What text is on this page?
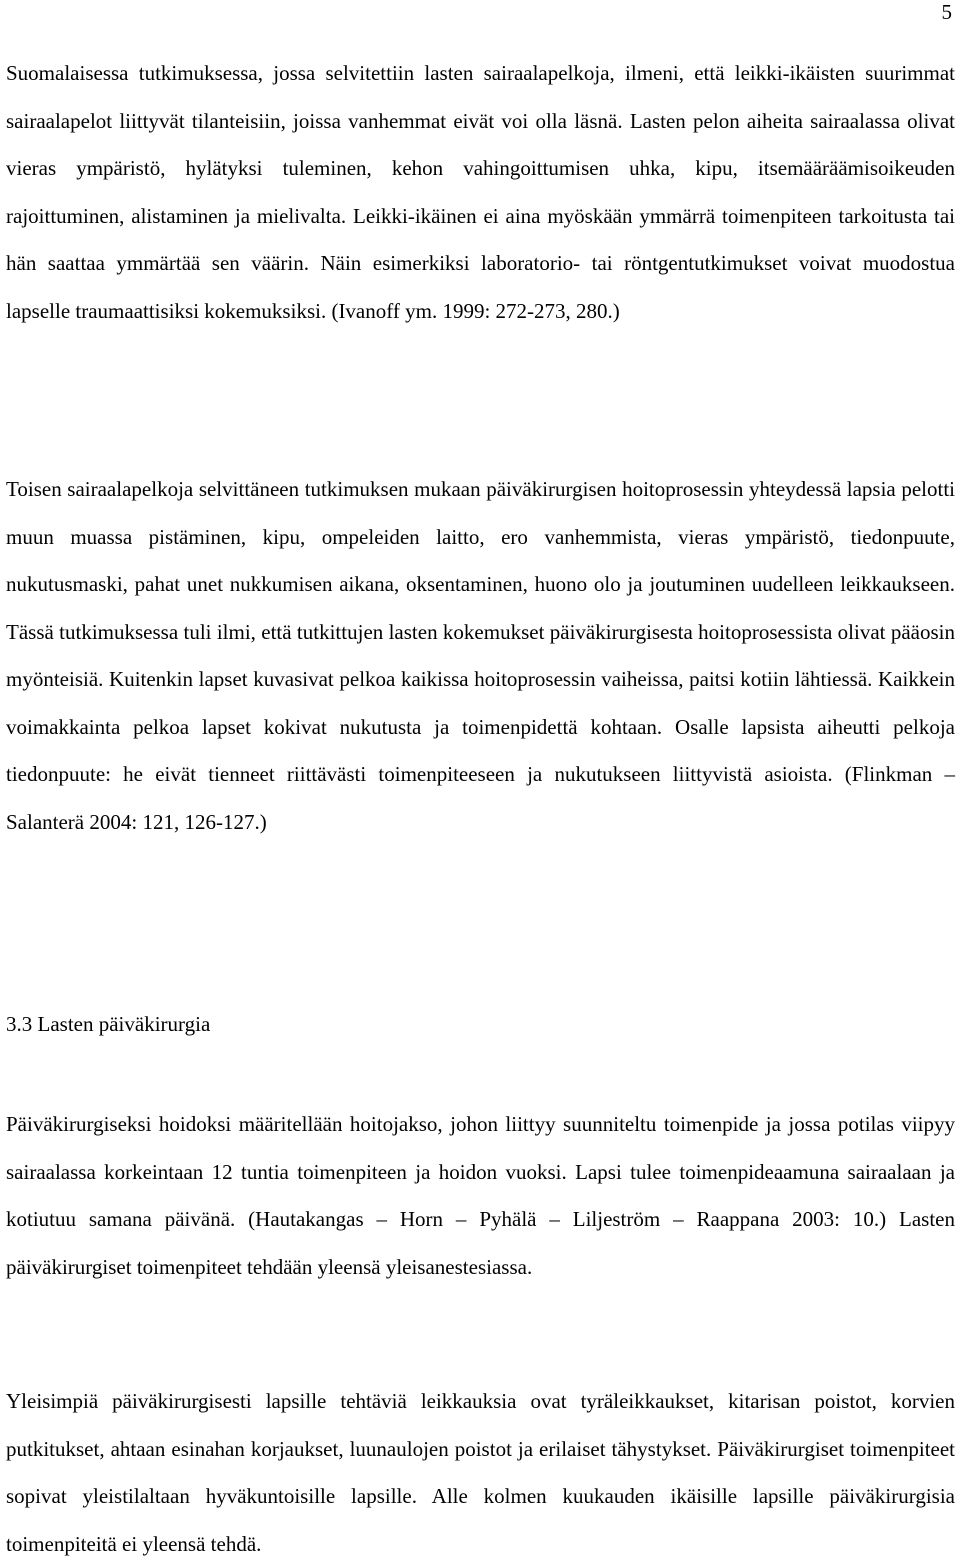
5

Suomalaisessa tutkimuksessa, jossa selvitettiin lasten sairaalapelkoja, ilmeni, että leikki-ikäisten suurimmat sairaalapelot liittyvät tilanteisiin, joissa vanhemmat eivät voi olla läsnä. Lasten pelon aiheita sairaalassa olivat vieras ympäristö, hylätyksi tuleminen, kehon vahingoittumisen uhka, kipu, itsemääräämisoikeuden rajoittuminen, alistaminen ja mielivalta. Leikki-ikäinen ei aina myöskään ymmärrä toimenpiteen tarkoitusta tai hän saattaa ymmärtää sen väärin. Näin esimerkiksi laboratorio- tai röntgentutkimukset voivat muodostua lapselle traumaattisiksi kokemuksiksi. (Ivanoff ym. 1999: 272-273, 280.)

Toisen sairaalapelkoja selvittäneen tutkimuksen mukaan päiväkirurgisen hoitoprosessin yhteydessä lapsia pelotti muun muassa pistäminen, kipu, ompeleiden laitto, ero vanhemmista, vieras ympäristö, tiedonpuute, nukutusmaski, pahat unet nukkumisen aikana, oksentaminen, huono olo ja joutuminen uudelleen leikkaukseen. Tässä tutkimuksessa tuli ilmi, että tutkittujen lasten kokemukset päiväkirurgisesta hoitoprosessista olivat pääosin myönteisiä. Kuitenkin lapset kuvasivat pelkoa kaikissa hoitoprosessin vaiheissa, paitsi kotiin lähtiessä. Kaikkein voimakkainta pelkoa lapset kokivat nukutusta ja toimenpidettä kohtaan. Osalle lapsista aiheutti pelkoja tiedonpuute: he eivät tienneet riittävästi toimenpiteeseen ja nukutukseen liittyvistä asioista. (Flinkman – Salanterä 2004: 121, 126-127.)

3.3 Lasten päiväkirurgia

Päiväkirurgiseksi hoidoksi määritellään hoitojakso, johon liittyy suunniteltu toimenpide ja jossa potilas viipyy sairaalassa korkeintaan 12 tuntia toimenpiteen ja hoidon vuoksi. Lapsi tulee toimenpideaamuna sairaalaan ja kotiutuu samana päivänä. (Hautakangas – Horn – Pyhälä – Liljeström – Raappana 2003: 10.) Lasten päiväkirurgiset toimenpiteet tehdään yleensä yleisanestesiassa.

Yleisimpiä päiväkirurgisesti lapsille tehtäviä leikkauksia ovat tyräleikkaukset, kitarisan poistot, korvien putkitukset, ahtaan esinahan korjaukset, luunaulojen poistot ja erilaiset tähystykset. Päiväkirurgiset toimenpiteet sopivat yleistilaltaan hyväkuntoisille lapsille. Alle kolmen kuukauden ikäisille lapsille päiväkirurgisia toimenpiteitä ei yleensä tehdä.
